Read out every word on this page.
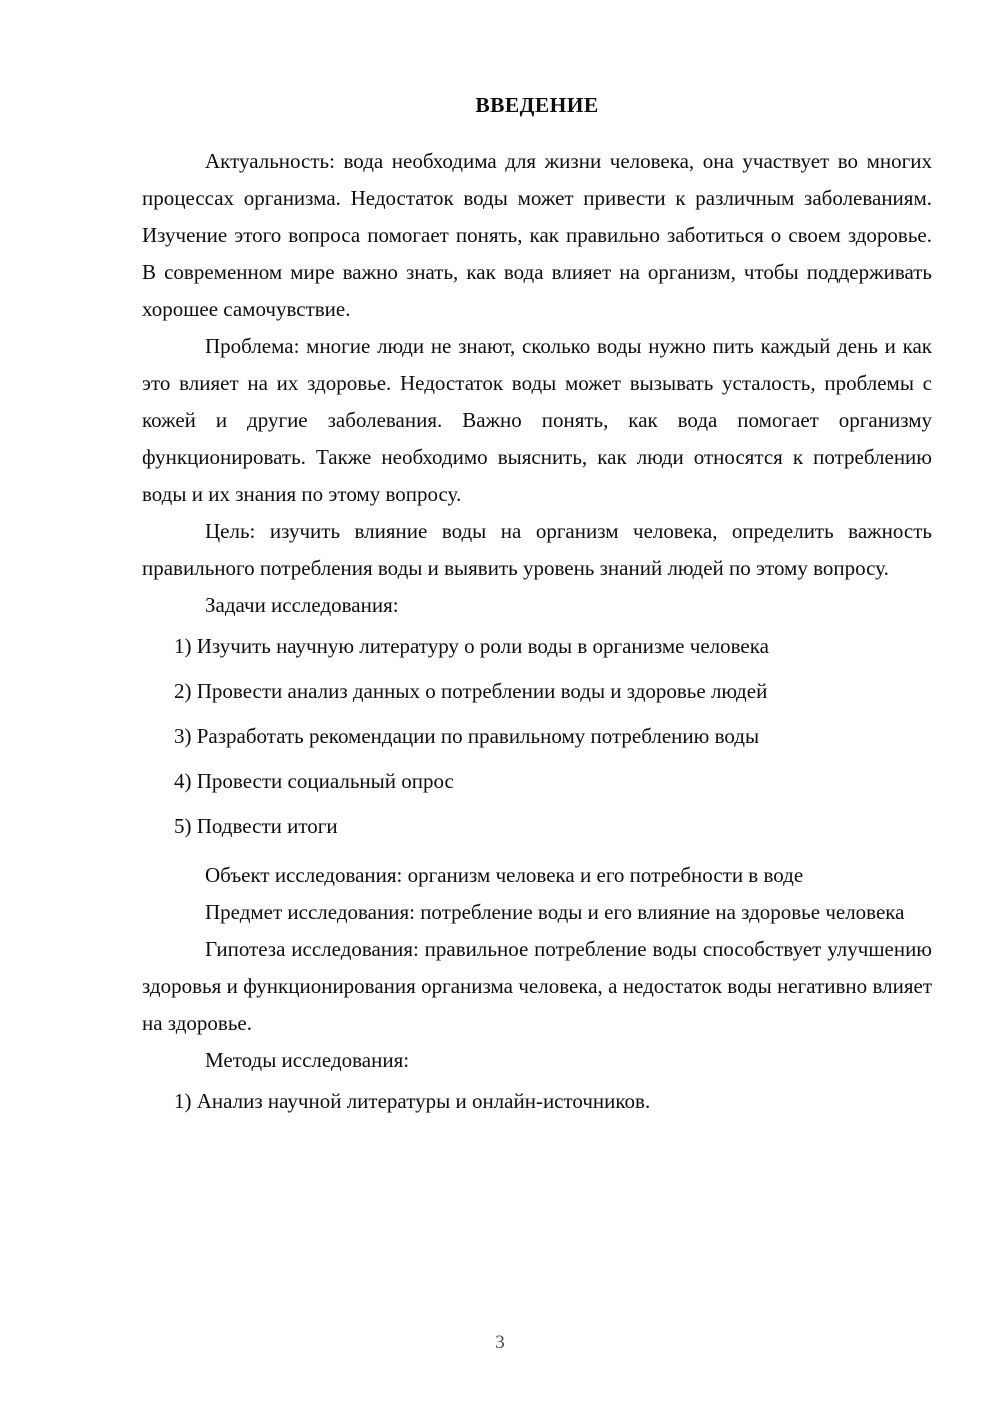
ВВЕДЕНИЕ

Актуальность: вода необходима для жизни человека, она участвует во многих процессах организма. Недостаток воды может привести к различным заболеваниям. Изучение этого вопроса помогает понять, как правильно заботиться о своем здоровье. В современном мире важно знать, как вода влияет на организм, чтобы поддерживать хорошее самочувствие.

Проблема: многие люди не знают, сколько воды нужно пить каждый день и как это влияет на их здоровье. Недостаток воды может вызывать усталость, проблемы с кожей и другие заболевания. Важно понять, как вода помогает организму функционировать. Также необходимо выяснить, как люди относятся к потреблению воды и их знания по этому вопросу.

Цель: изучить влияние воды на организм человека, определить важность правильного потребления воды и выявить уровень знаний людей по этому вопросу.

Задачи исследования:

1) Изучить научную литературу о роли воды в организме человека
2) Провести анализ данных о потреблении воды и здоровье людей
3) Разработать рекомендации по правильному потреблению воды
4) Провести социальный опрос
5) Подвести итоги

Объект исследования: организм человека и его потребности в воде

Предмет исследования: потребление воды и его влияние на здоровье человека

Гипотеза исследования: правильное потребление воды способствует улучшению здоровья и функционирования организма человека, а недостаток воды негативно влияет на здоровье.

Методы исследования:

1) Анализ научной литературы и онлайн-источников.
3
